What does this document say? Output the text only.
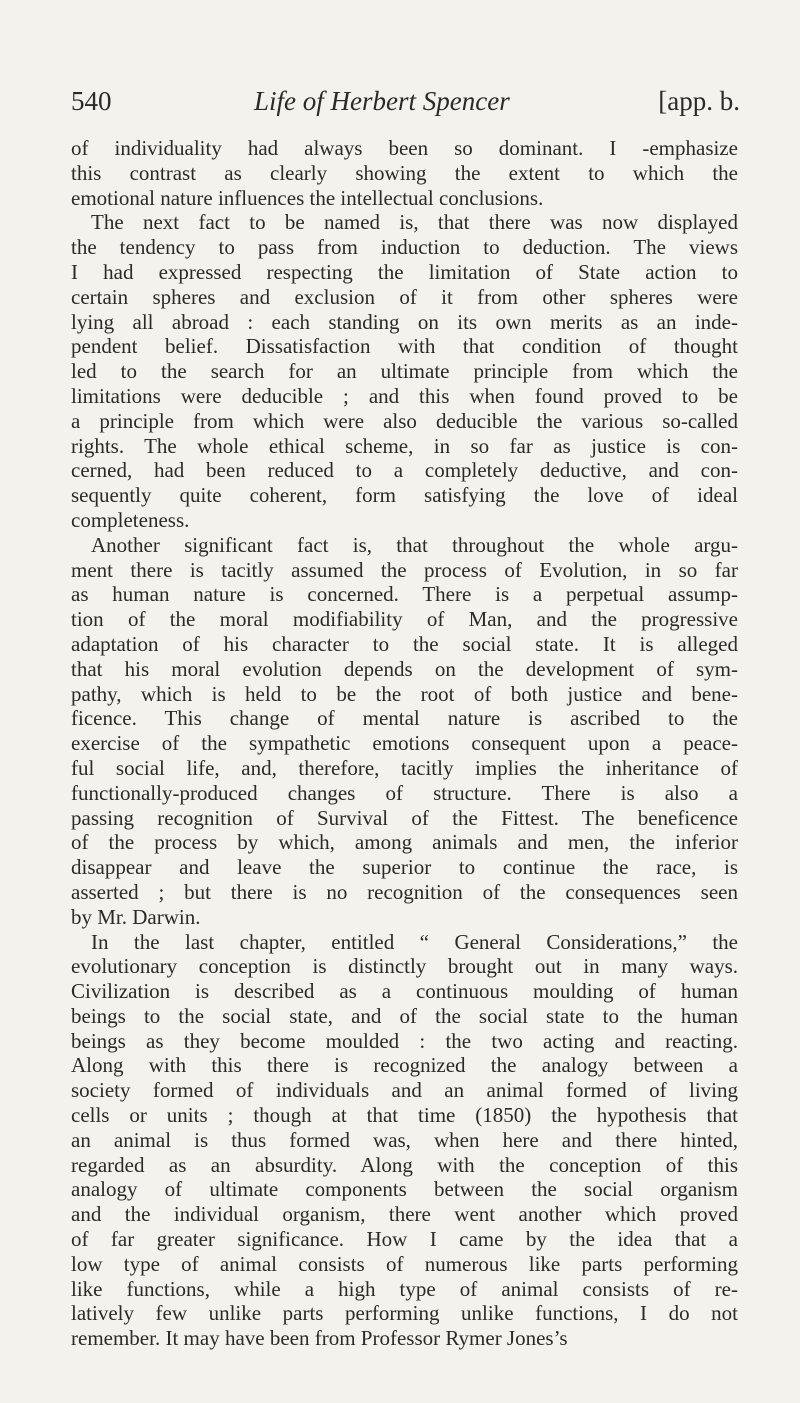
540	Life of Herbert Spencer	[app. b.
of individuality had always been so dominant. I -emphasize
this contrast as clearly showing the extent to which the
emotional nature influences the intellectual conclusions.
The next fact to be named is, that there was now displayed
the tendency to pass from induction to deduction. The views
I had expressed respecting the limitation of State action to
certain spheres and exclusion of it from other spheres were
lying all abroad : each standing on its own merits as an inde-
pendent belief. Dissatisfaction with that condition of thought
led to the search for an ultimate principle from which the
limitations were deducible ; and this when found proved to be
a principle from which were also deducible the various so-called
rights. The whole ethical scheme, in so far as justice is con-
cerned, had been reduced to a completely deductive, and con-
sequently quite coherent, form satisfying the love of ideal
completeness.
Another significant fact is, that throughout the whole argu-
ment there is tacitly assumed the process of Evolution, in so far
as human nature is concerned. There is a perpetual assump-
tion of the moral modifiability of Man, and the progressive
adaptation of his character to the social state. It is alleged
that his moral evolution depends on the development of sym-
pathy, which is held to be the root of both justice and bene-
ficence. This change of mental nature is ascribed to the
exercise of the sympathetic emotions consequent upon a peace-
ful social life, and, therefore, tacitly implies the inheritance of
functionally-produced changes of structure. There is also a
passing recognition of Survival of the Fittest. The beneficence
of the process by which, among animals and men, the inferior
disappear and leave the superior to continue the race, is
asserted ; but there is no recognition of the consequences seen
by Mr. Darwin.
In the last chapter, entitled “ General Considerations,” the
evolutionary conception is distinctly brought out in many ways.
Civilization is described as a continuous moulding of human
beings to the social state, and of the social state to the human
beings as they become moulded : the two acting and reacting.
Along with this there is recognized the analogy between a
society formed of individuals and an animal formed of living
cells or units ; though at that time (1850) the hypothesis that
an animal is thus formed was, when here and there hinted,
regarded as an absurdity. Along with the conception of this
analogy of ultimate components between the social organism
and the individual organism, there went another which proved
of far greater significance. How I came by the idea that a
low type of animal consists of numerous like parts performing
like functions, while a high type of animal consists of re-
latively few unlike parts performing unlike functions, I do not
remember. It may have been from Professor Rymer Jones’s
